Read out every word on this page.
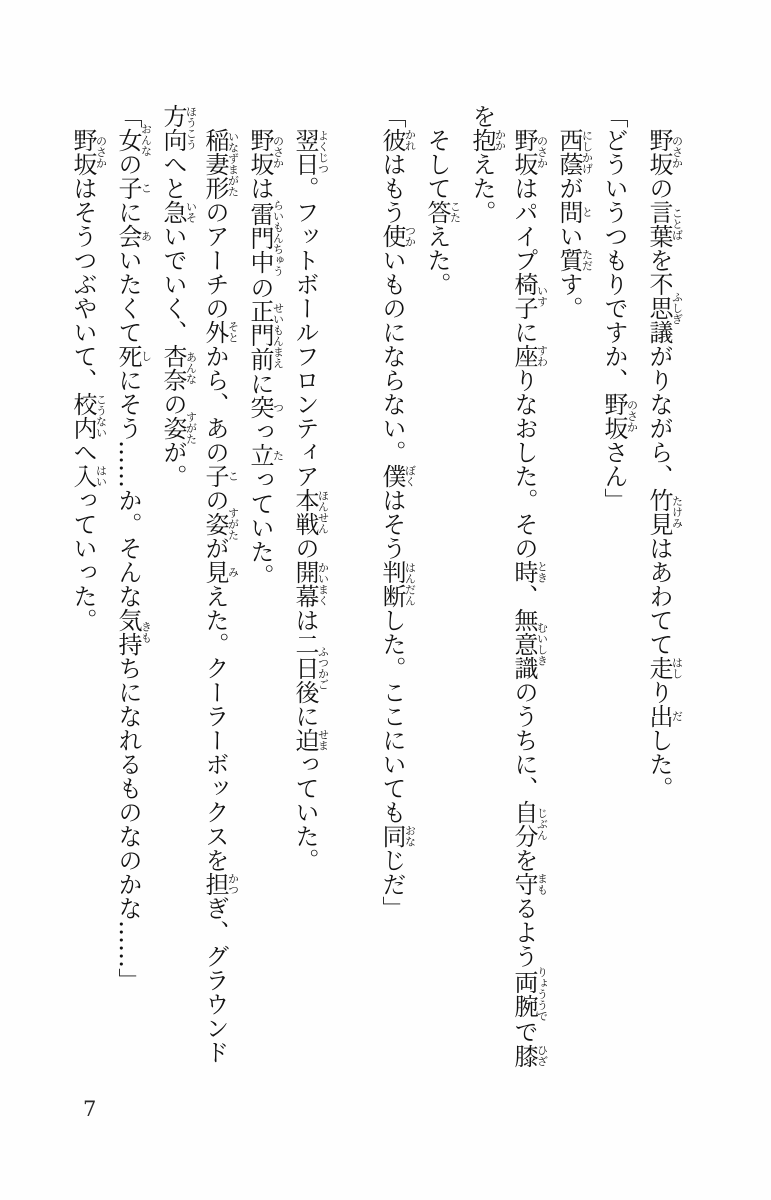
野坂のさかの言葉ことばを不思議ふしぎがりながら、竹見たけみはあわてて走はしり出だした。

「どういうつもりですか、野坂のさかさん」

西蔭にしかげが問とい質ただす。

野坂のさかはパイプ椅子いすに座すわりなおした。その時とき、無意識むいしきのうちに、自分じぶんを守まもるよう両腕りょううでで膝ひざを抱かかえた。

そして答こたえた。

「彼かれはもう使つかいものにならない。僕ぼくはそう判断はんだんした。ここにいても同おなじだ」

翌日よくじつ。フットボールフロンティア本戦ほんせんの開幕かいまくは二日後ふつかごに迫せまっていた。

野坂のさかは雷門中らいもんちゅうの正門前せいもんまえに突つっ立たっていた。

稲妻形いなずまがたのアーチの外そとから、あの子この姿すがたが見みえた。クーラーボックスを担かつぎ、グラウンド方向ほうこうへと急いそいでいく、杏奈あんなの姿すがたが。

「女おんなの子こに会あいたくて死しにそう……か。そんな気持きもちになれるものなのかな……」

野坂のさかはそうつぶやいて、校内こうないへ入はいっていった。

7
